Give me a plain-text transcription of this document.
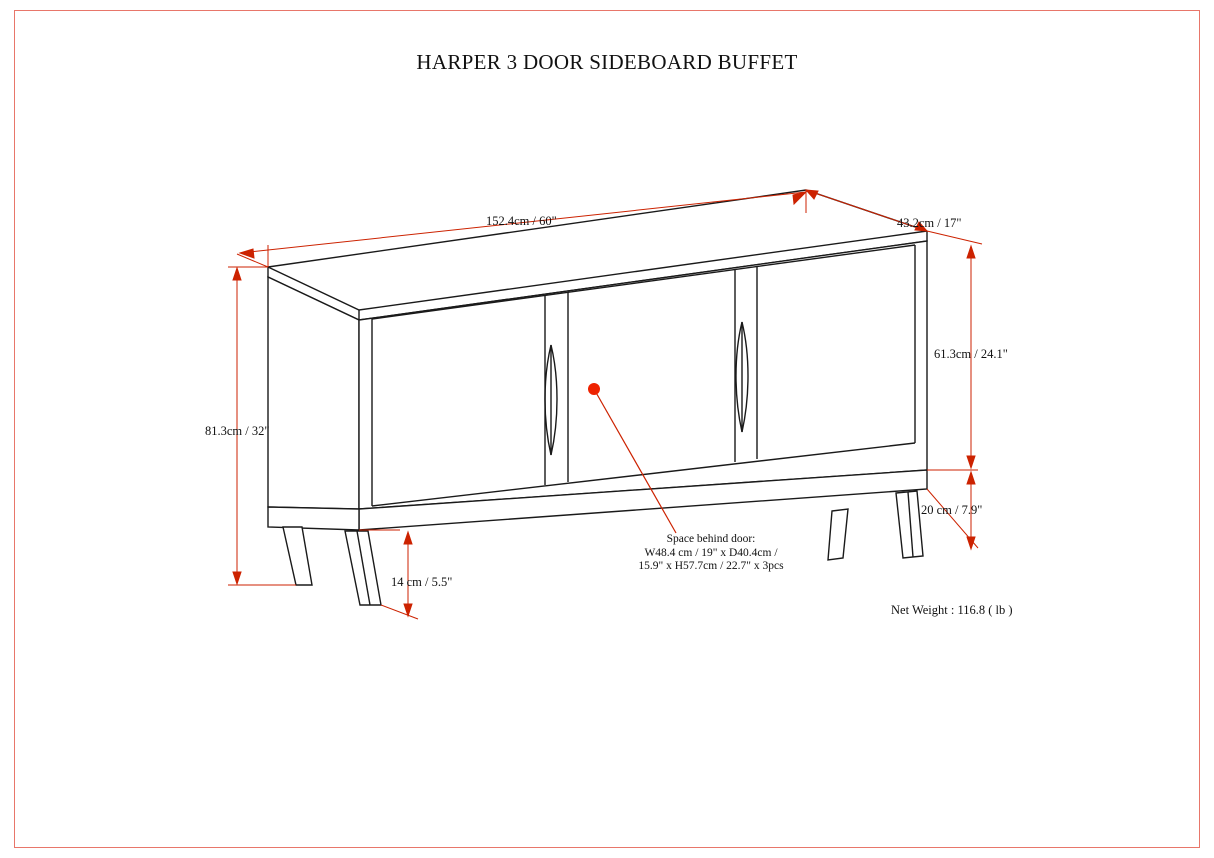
HARPER 3 DOOR SIDEBOARD BUFFET
152.4cm / 60"	43.2cm / 17"
81.3cm / 32"
61.3cm / 24.1"
20 cm / 7.9"
14 cm / 5.5"
Space behind door:
W48.4 cm / 19" x D40.4cm /
15.9" x H57.7cm / 22.7" x 3pcs
Net Weight : 116.8 ( lb )
